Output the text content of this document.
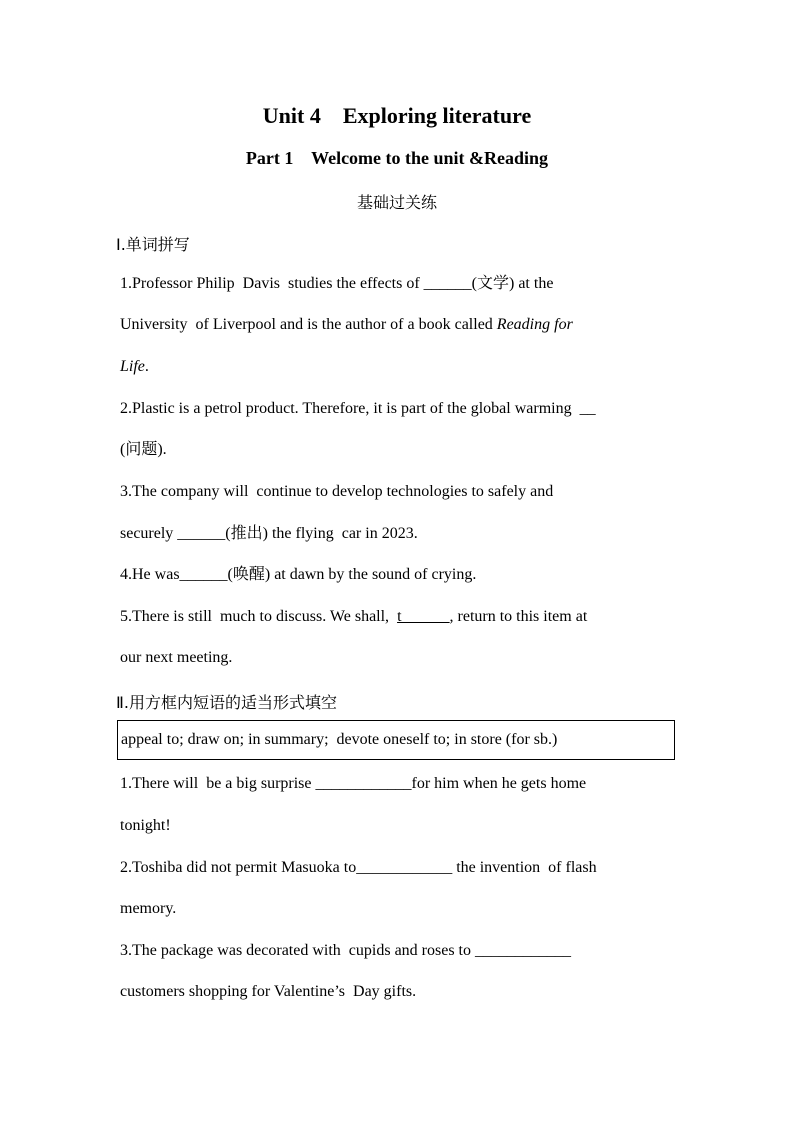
Unit 4    Exploring literature
Part 1    Welcome to the unit &Reading
基础过关练
Ⅰ.单词拼写
1.Professor Philip  Davis  studies the effects of ______(文学) at the
University  of Liverpool and is the author of a book called Reading for
Life.
2.Plastic is a petrol product. Therefore, it is part of the global warming  __
(问题).
3.The company will  continue to develop technologies to safely and
securely ______(推出) the flying  car in 2023.
4.He was______(唤醒) at dawn by the sound of crying.
5.There is still  much to discuss. We shall,  t______, return to this item at
our next meeting.
Ⅱ.用方框内短语的适当形式填空
appeal to; draw on; in summary;  devote oneself to; in store (for sb.)
1.There will  be a big surprise ____________for him when he gets home
tonight!
2.Toshiba did not permit Masuoka to____________ the invention  of flash
memory.
3.The package was decorated with  cupids and roses to ____________
customers shopping for Valentine’s  Day gifts.
